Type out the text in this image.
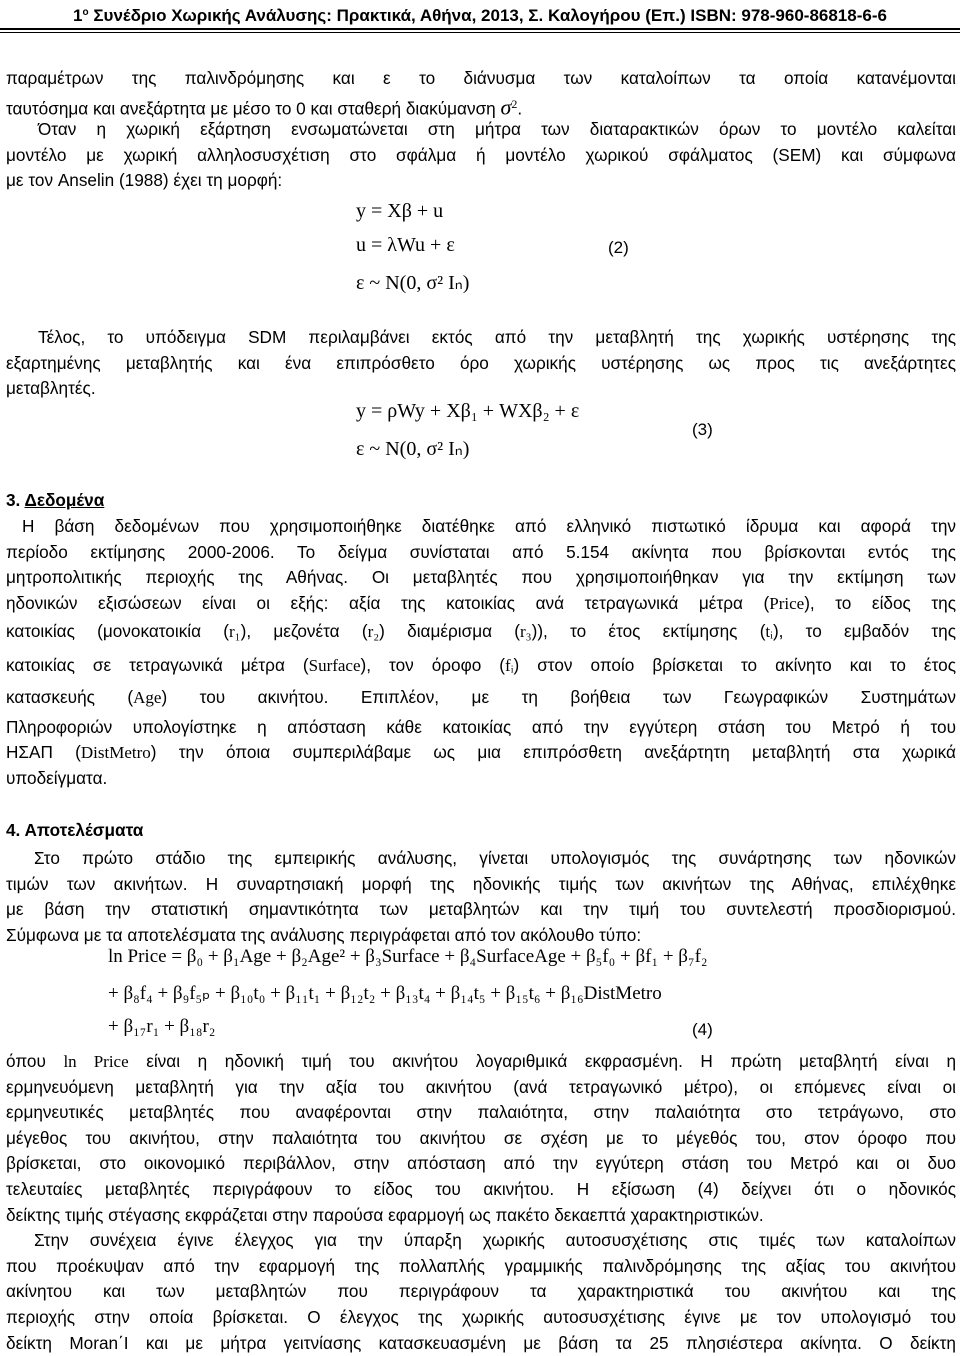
$1^o$ Συνέδριο Χωρικής Ανάλυσης: Πρακτικά, Αθήνα, 2013, Σ. Καλογήρου (Επ.) ISBN: 978-960-86818-6-6
παραμέτρων της παλινδρόμησης και ε το διάνυσμα των καταλοίπων τα οποία κατανέμονται
ταυτόσημα και ανεξάρτητα με μέσο το 0 και σταθερή διακύμανση $\sigma^2$.
Όταν η χωρική εξάρτηση ενσωματώνεται στη μήτρα των διαταρακτικών όρων το μοντέλο καλείται
μοντέλο με χωρική αλληλοσυσχέτιση στο σφάλμα ή μοντέλο χωρικού σφάλματος (SEM) και σύμφωνα
με τον Anselin (1988) έχει τη μορφή:
y = Xβ + u
u = λWu + ε
ε ~ N(0, σ² Iₙ)
(2)
Τέλος, το υπόδειγμα SDM περιλαμβάνει εκτός από την μεταβλητή της χωρικής υστέρησης της
εξαρτημένης μεταβλητής και ένα επιπρόσθετο όρο χωρικής υστέρησης ως προς τις ανεξάρτητες
μεταβλητές.
y = ρWy + Xβ₁ + WXβ₂ + ε
ε ~ N(0, σ² Iₙ)
(3)
3. Δεδομένα
Η βάση δεδομένων που χρησιμοποιήθηκε διατέθηκε από ελληνικό πιστωτικό ίδρυμα και αφορά την
περίοδο εκτίμησης 2000-2006. Το δείγμα συνίσταται από 5.154 ακίνητα που βρίσκονται εντός της
μητροπολιτικής περιοχής της Αθήνας. Οι μεταβλητές που χρησιμοποιήθηκαν για την εκτίμηση των
ηδονικών εξισώσεων είναι οι εξής: αξία της κατοικίας ανά τετραγωνικά μέτρα (Price), το είδος της
κατοικίας (μονοκατοικία (r₁), μεζονέτα (r₂) διαμέρισμα (r₃)), το έτος εκτίμησης (tᵢ), το εμβαδόν της
κατοικίας σε τετραγωνικά μέτρα (Surface), τον όροφο (fᵢ) στον οποίο βρίσκεται το ακίνητο και το έτος
κατασκευής (Age) του ακινήτου. Επιπλέον, με τη βοήθεια των Γεωγραφικών Συστημάτων
Πληροφοριών υπολογίστηκε η απόσταση κάθε κατοικίας από την εγγύτερη στάση του Μετρό ή του
ΗΣΑΠ (DistMetro) την όποια συμπεριλάβαμε ως μια επιπρόσθετη ανεξάρτητη μεταβλητή στα χωρικά
υποδείγματα.
4. Αποτελέσματα
Στο πρώτο στάδιο της εμπειρικής ανάλυσης, γίνεται υπολογισμός της συνάρτησης των ηδονικών
τιμών των ακινήτων. Η συναρτησιακή μορφή της ηδονικής τιμής των ακινήτων της Αθήνας, επιλέχθηκε
με βάση την στατιστική σημαντικότητα των μεταβλητών και την τιμή του συντελεστή προσδιορισμού.
Σύμφωνα με τα αποτελέσματα της ανάλυσης περιγράφεται από τον ακόλουθο τύπο:
ln Price = β₀ + β₁Age + β₂Age² + β₃Surface + β₄SurfaceAge + β₅f₀ + βf₁ + β₇f₂
+ β₈f₄ + β₉f₅ₚ + β₁₀t₀ + β₁₁t₁ + β₁₂t₂ + β₁₃t₄ + β₁₄t₅ + β₁₅t₆ + β₁₆DistMetro
+ β₁₇r₁ + β₁₈r₂	(4)
όπου ln Price είναι η ηδονική τιμή του ακινήτου λογαριθμικά εκφρασμένη. Η πρώτη μεταβλητή είναι η
ερμηνευόμενη μεταβλητή για την αξία του ακινήτου (ανά τετραγωνικό μέτρο), οι επόμενες είναι οι
ερμηνευτικές μεταβλητές που αναφέρονται στην παλαιότητα, στην παλαιότητα στο τετράγωνο, στο
μέγεθος του ακινήτου, στην παλαιότητα του ακινήτου σε σχέση με το μέγεθός του, στον όροφο που
βρίσκεται, στο οικονομικό περιβάλλον, στην απόσταση από την εγγύτερη στάση του Μετρό και οι δυο
τελευταίες μεταβλητές περιγράφουν το είδος του ακινήτου. Η εξίσωση (4) δείχνει ότι ο ηδονικός
δείκτης τιμής στέγασης εκφράζεται στην παρούσα εφαρμογή ως πακέτο δεκαεπτά χαρακτηριστικών.
Στην συνέχεια έγινε έλεγχος για την ύπαρξη χωρικής αυτοσυσχέτισης στις τιμές των καταλοίπων
που προέκυψαν από την εφαρμογή της πολλαπλής γραμμικής παλινδρόμησης της αξίας του ακινήτου
ακίνητου και των μεταβλητών που περιγράφουν τα χαρακτηριστικά του ακινήτου και της
περιοχής στην οποία βρίσκεται. Ο έλεγχος της χωρικής αυτοσυσχέτισης έγινε με τον υπολογισμό του
δείκτη Moran΄I και με μήτρα γειτνίασης κατασκευασμένη με βάση τα 25 πλησιέστερα ακίνητα. Ο δείκτη
